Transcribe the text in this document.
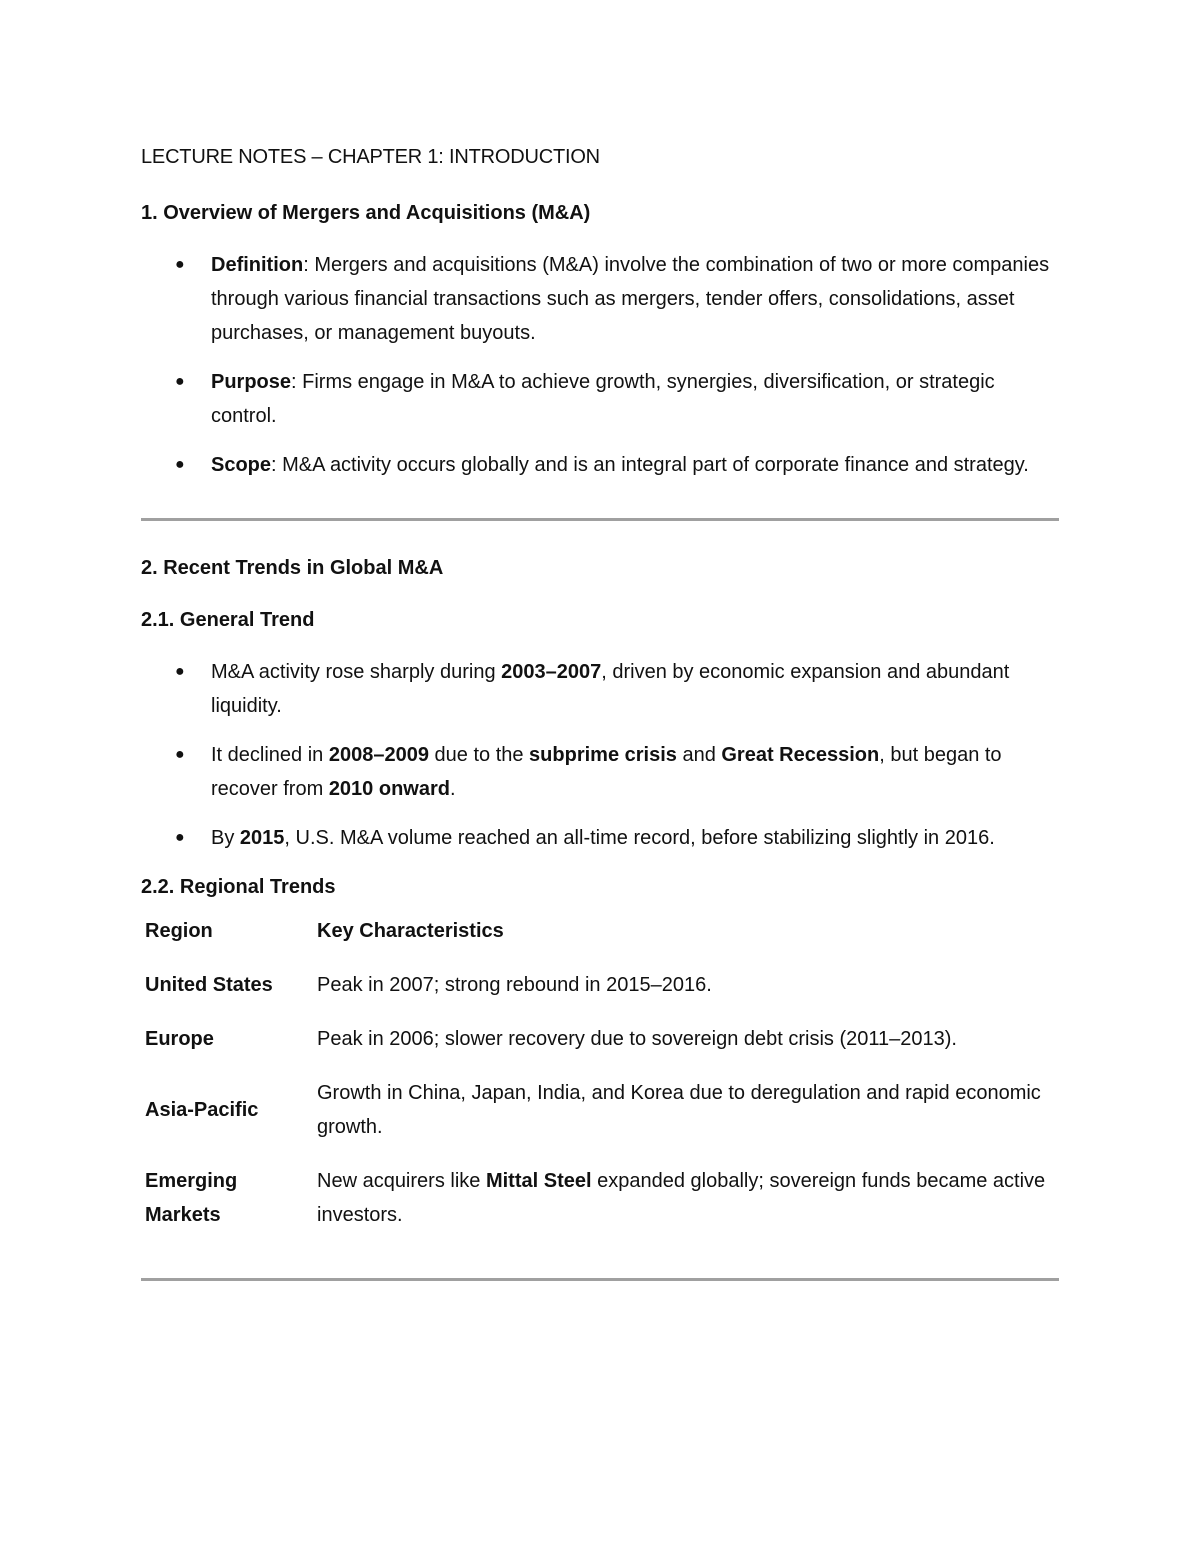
LECTURE NOTES – CHAPTER 1: INTRODUCTION
1. Overview of Mergers and Acquisitions (M&A)
● Definition: Mergers and acquisitions (M&A) involve the combination of two or more companies through various financial transactions such as mergers, tender offers, consolidations, asset purchases, or management buyouts.
● Purpose: Firms engage in M&A to achieve growth, synergies, diversification, or strategic control.
● Scope: M&A activity occurs globally and is an integral part of corporate finance and strategy.
2. Recent Trends in Global M&A
2.1. General Trend
● M&A activity rose sharply during 2003–2007, driven by economic expansion and abundant liquidity.
● It declined in 2008–2009 due to the subprime crisis and Great Recession, but began to recover from 2010 onward.
● By 2015, U.S. M&A volume reached an all-time record, before stabilizing slightly in 2016.
2.2. Regional Trends
Region	Key Characteristics
United States	Peak in 2007; strong rebound in 2015–2016.
Europe	Peak in 2006; slower recovery due to sovereign debt crisis (2011–2013).
Asia-Pacific	Growth in China, Japan, India, and Korea due to deregulation and rapid economic growth.
Emerging Markets	New acquirers like Mittal Steel expanded globally; sovereign funds became active investors.
